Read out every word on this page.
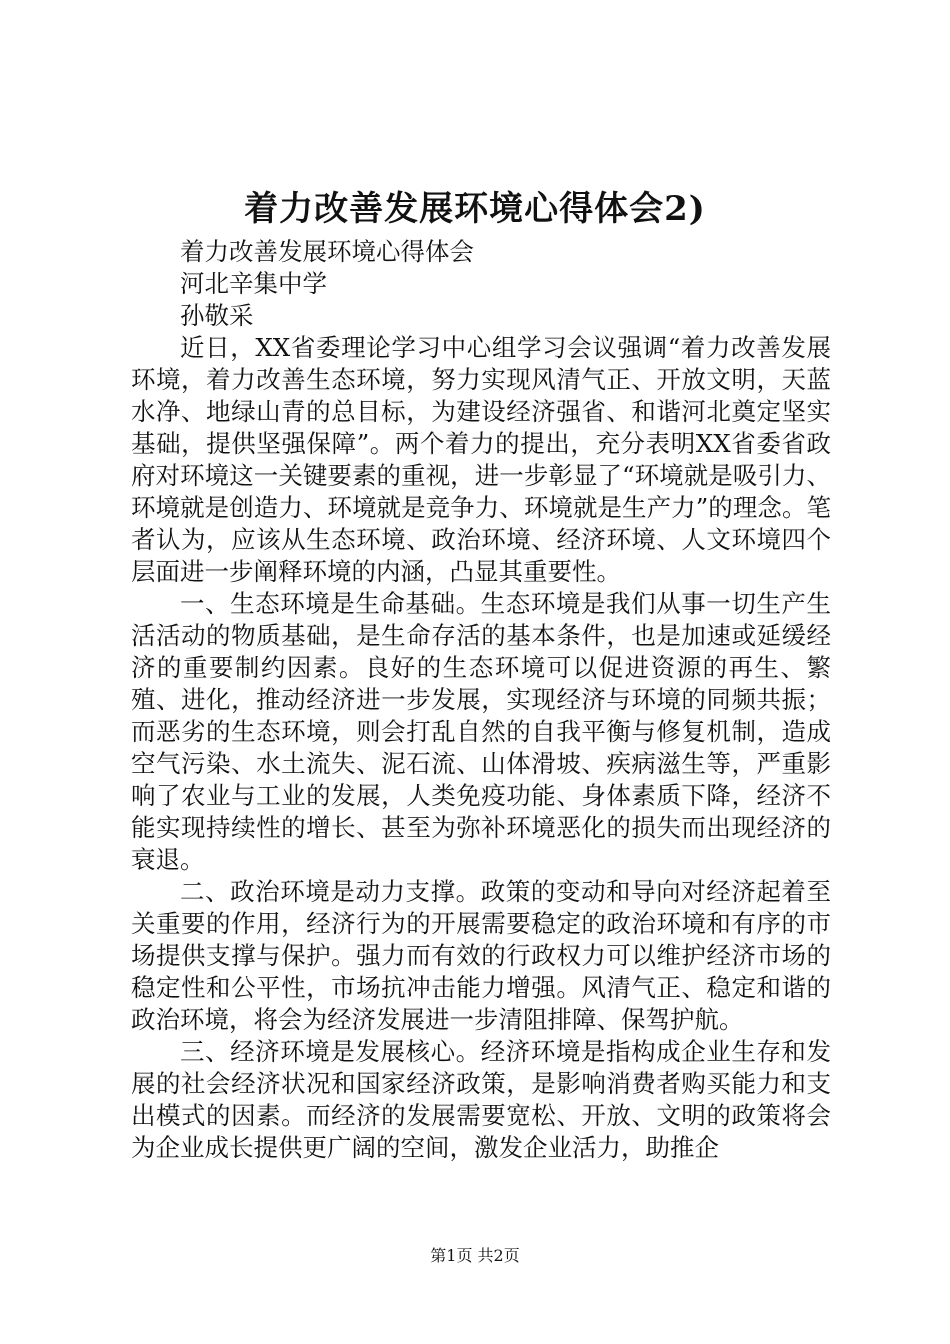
着力改善发展环境心得体会2)

着力改善发展环境心得体会

河北辛集中学

孙敬采

近日，XX省委理论学习中心组学习会议强调“着力改善发展环境，着力改善生态环境，努力实现风清气正、开放文明，天蓝水净、地绿山青的总目标，为建设经济强省、和谐河北奠定坚实基础，提供坚强保障”。两个着力的提出，充分表明XX省委省政府对环境这一关键要素的重视，进一步彰显了“环境就是吸引力、环境就是创造力、环境就是竞争力、环境就是生产力”的理念。笔者认为，应该从生态环境、政治环境、经济环境、人文环境四个层面进一步阐释环境的内涵，凸显其重要性。

一、生态环境是生命基础。生态环境是我们从事一切生产生活活动的物质基础，是生命存活的基本条件，也是加速或延缓经济的重要制约因素。良好的生态环境可以促进资源的再生、繁殖、进化，推动经济进一步发展，实现经济与环境的同频共振；而恶劣的生态环境，则会打乱自然的自我平衡与修复机制，造成空气污染、水土流失、泥石流、山体滑坡、疾病滋生等，严重影响了农业与工业的发展，人类免疫功能、身体素质下降，经济不能实现持续性的增长、甚至为弥补环境恶化的损失而出现经济的衰退。

二、政治环境是动力支撑。政策的变动和导向对经济起着至关重要的作用，经济行为的开展需要稳定的政治环境和有序的市场提供支撑与保护。强力而有效的行政权力可以维护经济市场的稳定性和公平性，市场抗冲击能力增强。风清气正、稳定和谐的政治环境，将会为经济发展进一步清阻排障、保驾护航。

三、经济环境是发展核心。经济环境是指构成企业生存和发展的社会经济状况和国家经济政策，是影响消费者购买能力和支出模式的因素。而经济的发展需要宽松、开放、文明的政策将会为企业成长提供更广阔的空间，激发企业活力，助推企

第1页 共2页
